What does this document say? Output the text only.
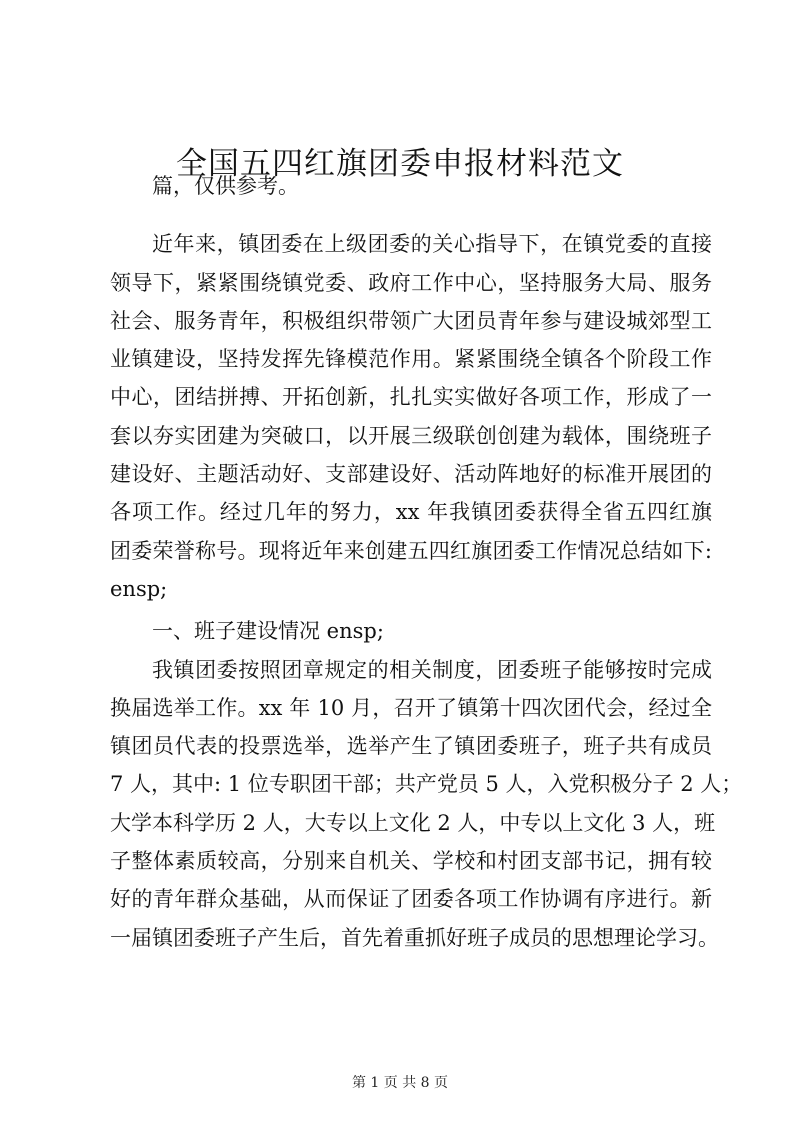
全国五四红旗团委申报材料范文
篇，仅供参考。
近年来，镇团委在上级团委的关心指导下，在镇党委的直接
领导下，紧紧围绕镇党委、政府工作中心，坚持服务大局、服务
社会、服务青年，积极组织带领广大团员青年参与建设城郊型工
业镇建设，坚持发挥先锋模范作用。紧紧围绕全镇各个阶段工作
中心，团结拼搏、开拓创新，扎扎实实做好各项工作，形成了一
套以夯实团建为突破口，以开展三级联创创建为载体，围绕班子
建设好、主题活动好、支部建设好、活动阵地好的标准开展团的
各项工作。经过几年的努力，xx 年我镇团委获得全省五四红旗
团委荣誉称号。现将近年来创建五四红旗团委工作情况总结如下:
ensp;
一、班子建设情况 ensp;
我镇团委按照团章规定的相关制度，团委班子能够按时完成
换届选举工作。xx 年 10 月，召开了镇第十四次团代会，经过全
镇团员代表的投票选举，选举产生了镇团委班子，班子共有成员
7 人，其中: 1 位专职团干部；共产党员 5 人，入党积极分子 2 人；
大学本科学历 2 人，大专以上文化 2 人，中专以上文化 3 人，班
子整体素质较高，分别来自机关、学校和村团支部书记，拥有较
好的青年群众基础，从而保证了团委各项工作协调有序进行。新
一届镇团委班子产生后，首先着重抓好班子成员的思想理论学习。
第 1 页 共 8 页
